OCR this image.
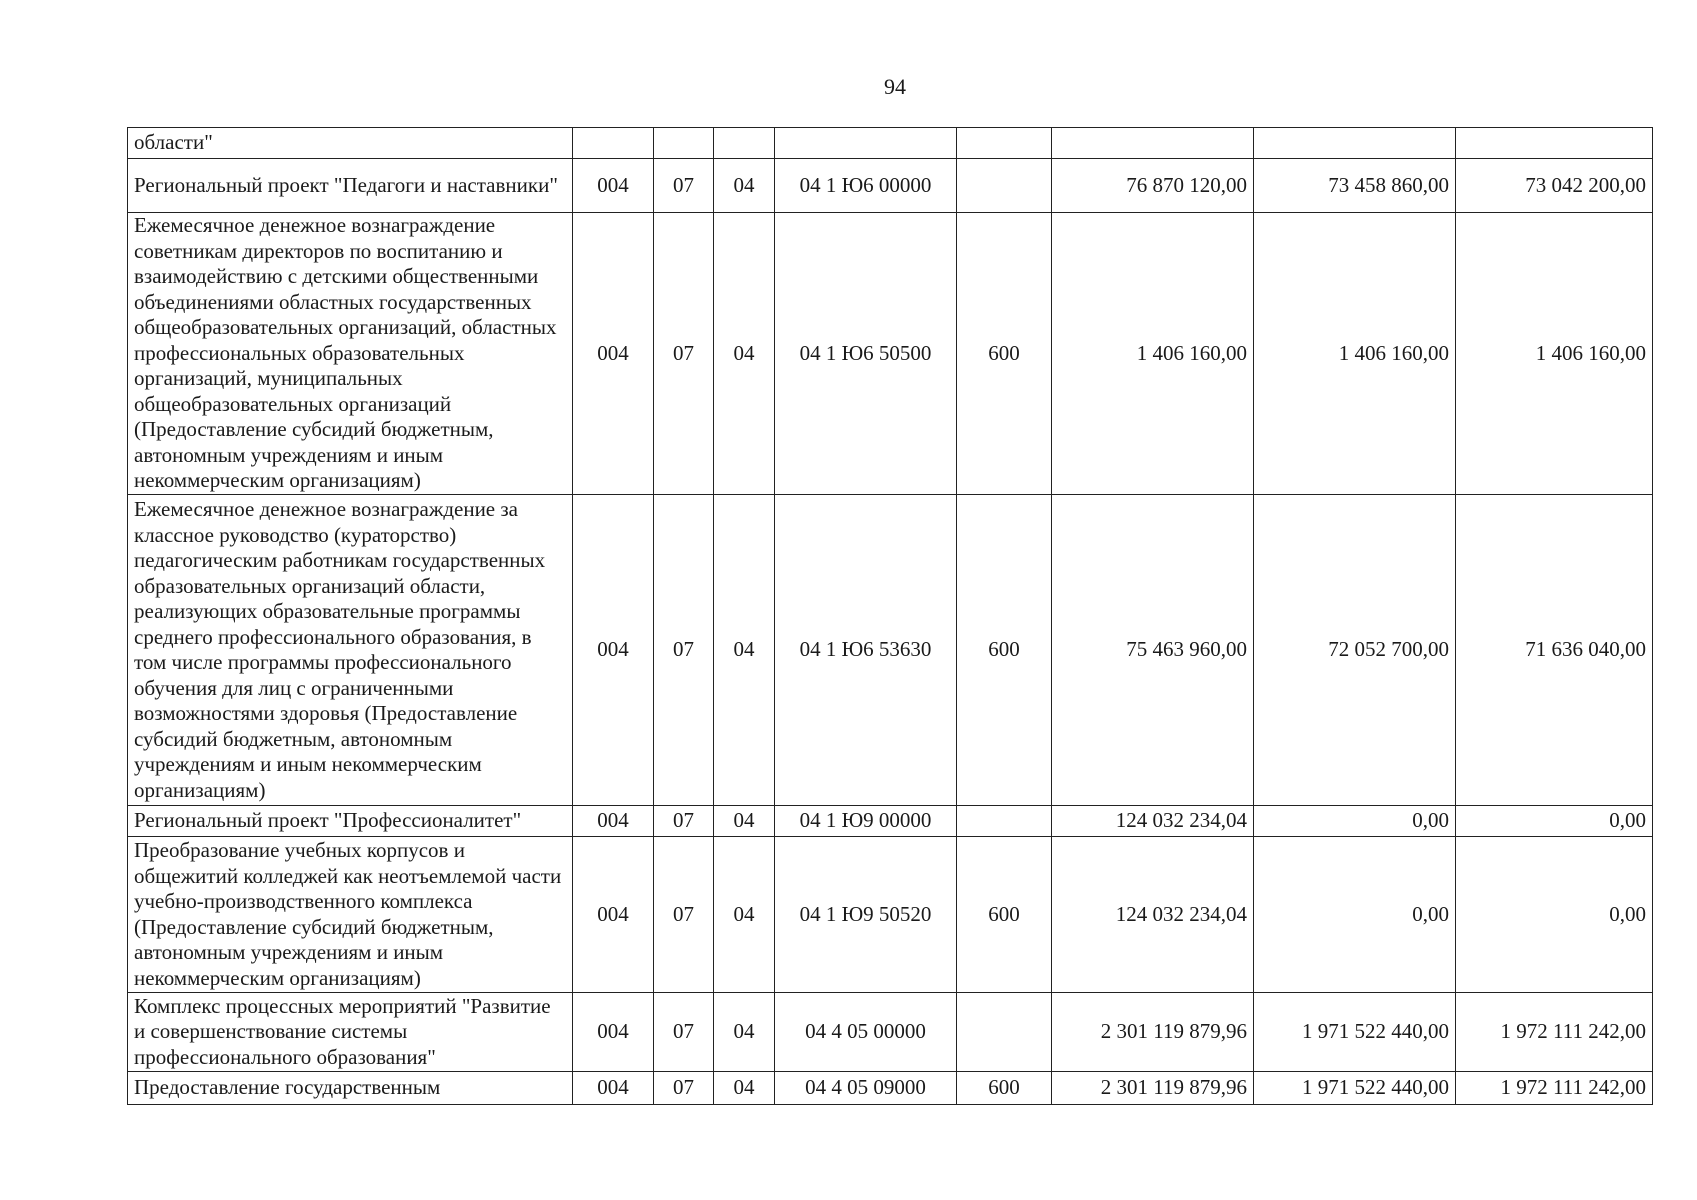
94
области"								
Региональный проект "Педагоги и наставники"	004	07	04	04 1 Ю6 00000		76 870 120,00	73 458 860,00	73 042 200,00
Ежемесячное денежное вознаграждение советникам директоров по воспитанию и взаимодействию с детскими общественными объединениями областных государственных общеобразовательных организаций, областных профессиональных образовательных организаций, муниципальных общеобразовательных организаций (Предоставление субсидий бюджетным, автономным учреждениям и иным некоммерческим организациям)	004	07	04	04 1 Ю6 50500	600	1 406 160,00	1 406 160,00	1 406 160,00
Ежемесячное денежное вознаграждение за классное руководство (кураторство) педагогическим работникам государственных образовательных организаций области, реализующих образовательные программы среднего профессионального образования, в том числе программы профессионального обучения для лиц с ограниченными возможностями здоровья (Предоставление субсидий бюджетным, автономным учреждениям и иным некоммерческим организациям)	004	07	04	04 1 Ю6 53630	600	75 463 960,00	72 052 700,00	71 636 040,00
Региональный проект "Профессионалитет"	004	07	04	04 1 Ю9 00000		124 032 234,04	0,00	0,00
Преобразование учебных корпусов и общежитий колледжей как неотъемлемой части учебно-производственного комплекса (Предоставление субсидий бюджетным, автономным учреждениям и иным некоммерческим организациям)	004	07	04	04 1 Ю9 50520	600	124 032 234,04	0,00	0,00
Комплекс процессных мероприятий "Развитие и совершенствование системы профессионального образования"	004	07	04	04 4 05 00000		2 301 119 879,96	1 971 522 440,00	1 972 111 242,00
Предоставление государственным	004	07	04	04 4 05 09000	600	2 301 119 879,96	1 971 522 440,00	1 972 111 242,00
